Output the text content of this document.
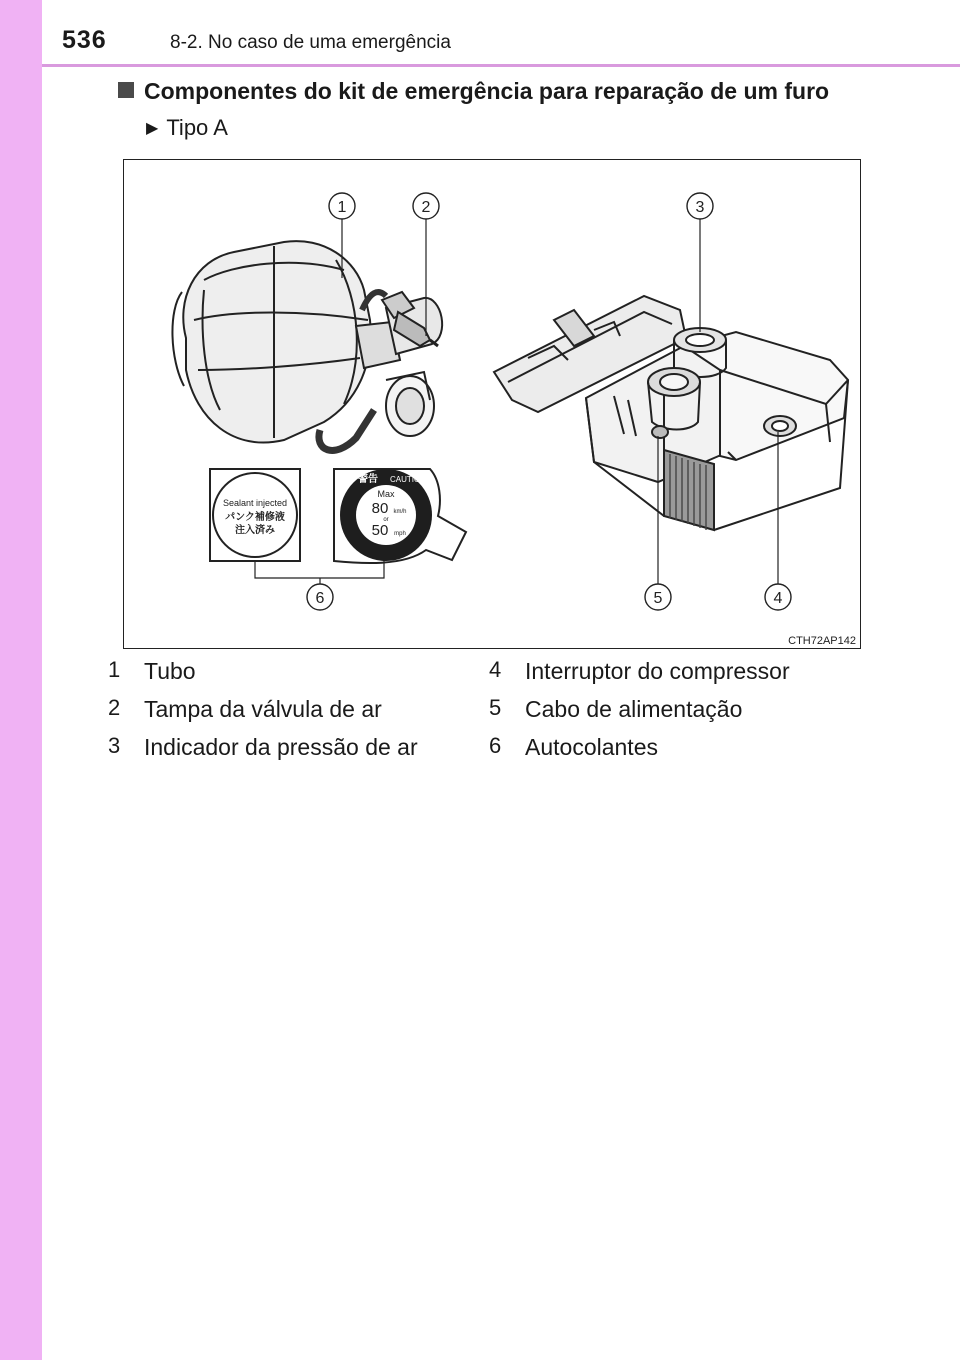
536	8-2. No caso de uma emergência
Componentes do kit de emergência para reparação de um furo
▶ Tipo A
Sealant injected
パンク補修液
注入済み
警告 CAUTION
Max
80 km/h
or
50 mph
1	2	3
4
5
6
CTH72AP142
1 Tubo
2 Tampa da válvula de ar
3 Indicador da pressão de ar
4 Interruptor do compressor
5 Cabo de alimentação
6 Autocolantes
